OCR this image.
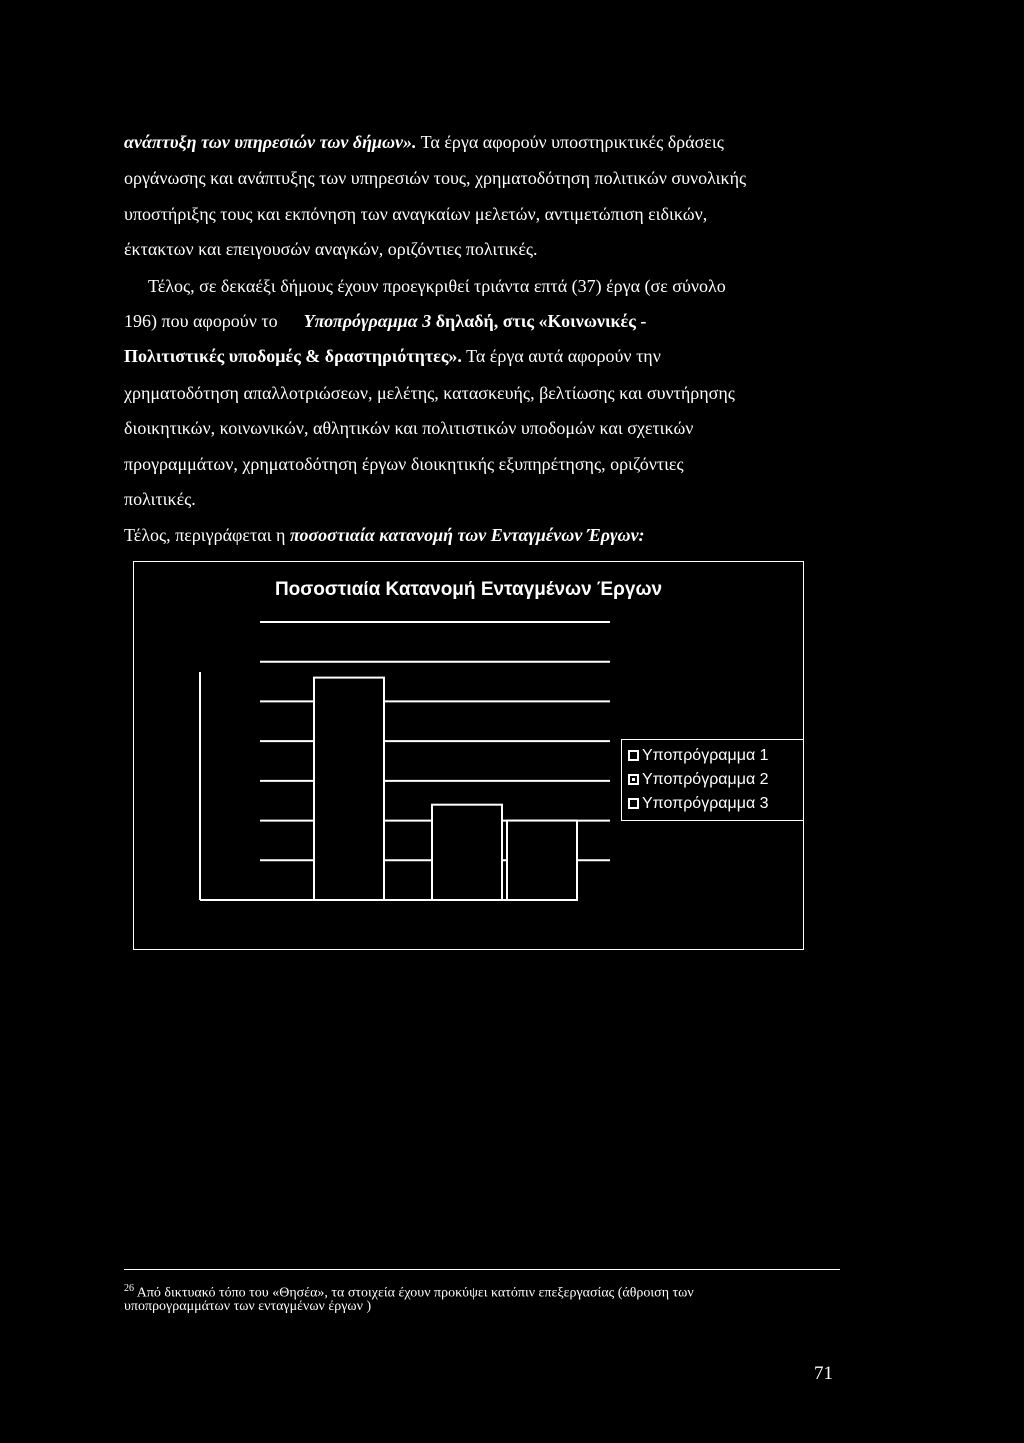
ανάπτυξη των υπηρεσιών των δήμων». Τα έργα αφορούν υποστηρικτικές δράσεις
οργάνωσης και ανάπτυξης των υπηρεσιών τους, χρηματοδότηση πολιτικών συνολικής
υποστήριξης τους και εκπόνηση των αναγκαίων μελετών, αντιμετώπιση ειδικών,
έκτακτων και επειγουσών αναγκών, οριζόντιες πολιτικές.
Τέλος, σε δεκαέξι δήμους έχουν προεγκριθεί τριάντα επτά (37) έργα (σε σύνολο
196) που αφορούν το Υποπρόγραμμα 3 δηλαδή, στις «Κοινωνικές -
Πολιτιστικές υποδομές & δραστηριότητες». Τα έργα αυτά αφορούν την
χρηματοδότηση απαλλοτριώσεων, μελέτης, κατασκευής, βελτίωσης και συντήρησης
διοικητικών, κοινωνικών, αθλητικών και πολιτιστικών υποδομών και σχετικών
προγραμμάτων, χρηματοδότηση έργων διοικητικής εξυπηρέτησης, οριζόντιες
πολιτικές.
Τέλος, περιγράφεται η ποσοστιαία κατανομή των Ενταγμένων Έργων:
Ποσοστιαία Κατανομή Ενταγμένων Έργων
Υποπρόγραμμα 1
Υποπρόγραμμα 2
Υποπρόγραμμα 3
$^{26}$ Από δικτυακό τόπο του «Θησέα», τα στοιχεία έχουν προκύψει κατόπιν επεξεργασίας (άθροιση των
υποπρογραμμάτων των ενταγμένων έργων )
71
